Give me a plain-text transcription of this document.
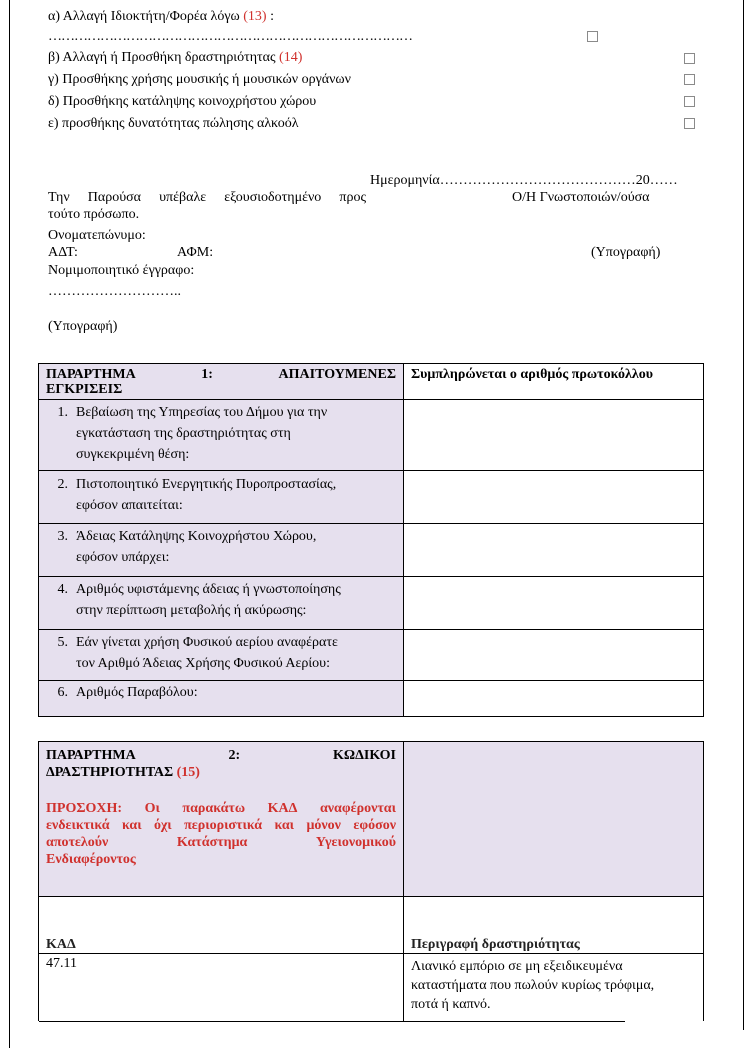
α) Αλλαγή Ιδιοκτήτη/Φορέα λόγω (13) :
…………………………………………………………………………
β) Αλλαγή ή Προσθήκη δραστηριότητας (14)
γ) Προσθήκης χρήσης μουσικής ή μουσικών οργάνων
δ) Προσθήκης κατάληψης κοινοχρήστου χώρου
ε) προσθήκης δυνατότητας πώλησης αλκοόλ
Ημερομηνία……………………………………20……
Την Παρούσα υπέβαλε εξουσιοδοτημένο προς	Ο/Η Γνωστοποιών/ούσα
τούτο πρόσωπο.
Ονοματεπώνυμο:
ΑΔΤ:	ΑΦΜ:	(Υπογραφή)
Νομιμοποιητικό έγγραφο:
………………………..
(Υπογραφή)
ΠΑΡΑΡΤΗΜΑ	1:	ΑΠΑΙΤΟΥΜΕΝΕΣ
ΕΓΚΡΙΣΕΙΣ
Συμπληρώνεται ο αριθμός πρωτοκόλλου
1. Βεβαίωση της Υπηρεσίας του Δήμου για την
εγκατάσταση της δραστηριότητας στη
συγκεκριμένη θέση:
2. Πιστοποιητικό Ενεργητικής Πυροπροστασίας,
εφόσον απαιτείται:
3. Άδειας Κατάληψης Κοινοχρήστου Χώρου,
εφόσον υπάρχει:
4. Αριθμός υφιστάμενης άδειας ή γνωστοποίησης
στην περίπτωση μεταβολής ή ακύρωσης:
5. Εάν γίνεται χρήση Φυσικού αερίου αναφέρατε
τον Αριθμό Άδειας Χρήσης Φυσικού Αερίου:
6. Αριθμός Παραβόλου:
ΠΑΡΑΡΤΗΜΑ	2:	ΚΩΔΙΚΟΙ
ΔΡΑΣΤΗΡΙΟΤΗΤΑΣ (15)
ΠΡΟΣΟΧΗ: Οι παρακάτω ΚΑΔ αναφέρονται
ενδεικτικά και όχι περιοριστικά και μόνον εφόσον
αποτελούν	Κατάστημα	Υγειονομικού
Ενδιαφέροντος
ΚΑΔ	Περιγραφή δραστηριότητας
47.11	Λιανικό εμπόριο σε μη εξειδικευμένα
καταστήματα που πωλούν κυρίως τρόφιμα,
ποτά ή καπνό.
